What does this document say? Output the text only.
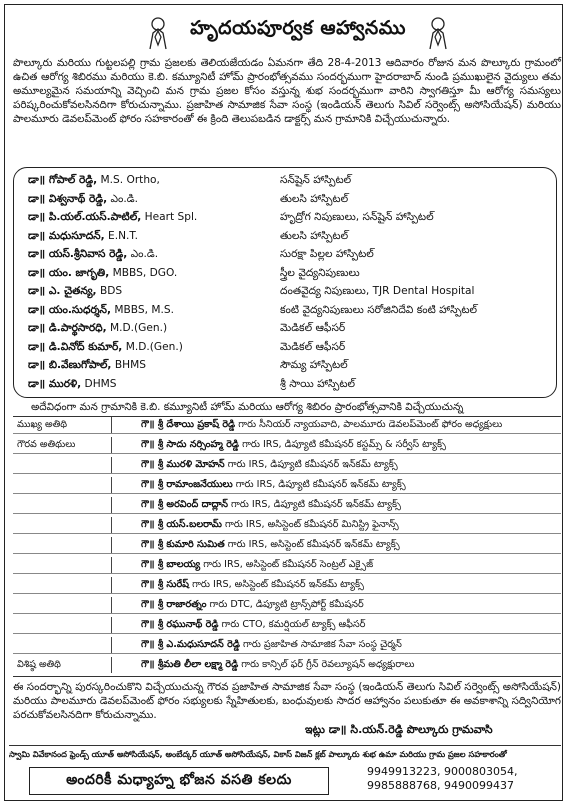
హృదయపూర్వక ఆహ్వానము
పొల్కూరు మరియు గుట్టలపల్లి గ్రామ ప్రజలకు తెలియజేయడం ఏమనగా తేది 28-4-2013 ఆదివారం రోజున మన పొల్కూరు గ్రామంలో ఉచిత ఆరోగ్య శిబిరము మరియు కె.బి. కమ్యూనిటీ హోమ్ ప్రారంభోత్సవము సందర్భముగా హైదరాబాద్ నుండి ప్రముఖులైన వైద్యులు తమ అమూల్యమైన సమయాన్ని వెచ్చించి మన గ్రామ ప్రజల కోసం వస్తున్న శుభ సందర్భముగా వారిని స్వాగతిస్తూ మీ ఆరోగ్య సమస్యలు పరిష్కరించుకోవలసినదిగా కోరుచున్నాము. ప్రజాహిత సామాజిక సేవా సంస్థ (ఇండియన్ తెలుగు సివిల్ సర్వెంట్స్ అసోసియేషన్) మరియు పాలమూరు డెవలప్‌మెంట్ ఫోరం సహకారంతో ఈ క్రింది తెలుపబడిన డాక్టర్స్ మన గ్రామానికి విచ్చేయుచున్నారు.
డా॥ గోపాల్ రెడ్డి, M.S. Ortho,	సన్‌షైన్ హాస్పిటల్
డా॥ విశ్వనాథ్ రెడ్డి, ఎం.డి.	తులసి హాస్పిటల్
డా॥ పి.యల్.యస్.పాటిల్, Heart Spl.	హృద్రోగ నిపుణులు, సన్‌షైన్ హాస్పిటల్
డా॥ మధుసూదన్, E.N.T.	తులసి హాస్పిటల్
డా॥ యస్.శ్రీనివాస రెడ్డి, ఎం.డి.	సురక్షా పిల్లల హాస్పిటల్
డా॥ యం. జాగృతి, MBBS, DGO.	స్త్రీల వైద్యనిపుణులు
డా॥ ఎ. చైతన్య, BDS	దంతవైద్య నిపుణులు, TJR Dental Hospital
డా॥ యం.సుధర్శన్, MBBS, M.S.	కంటి వైద్యనిపుణులు సరోజినిదేవి కంటి హాస్పిటల్
డా॥ డి.పార్థసారధి, M.D.(Gen.)	మెడికల్ ఆఫీసర్
డా॥ డి.వినోద్ కుమార్, M.D.(Gen.)	మెడికల్ ఆఫీసర్
డా॥ బి.వేణుగోపాల్, BHMS	సౌమ్య హాస్పిటల్
డా॥ మురళి, DHMS	శ్రీ సాయి హాస్పిటల్
అదేవిధంగా మన గ్రామానికి కె.బి. కమ్యూనిటీ హోమ్ మరియు ఆరోగ్య శిబిరం ప్రారంభోత్సవానికి విచ్చేయుచున్న
ముఖ్య అతిథి	గౌ॥ శ్రీ దేశాయి ప్రకాష్ రెడ్డి గారు సీనియర్ న్యాయవాది, పాలమూరు డెవలప్‌మెంట్ ఫోరం అధ్యక్షులు
గౌరవ అతిథులు	గౌ॥ శ్రీ సాదు నర్సింహ్మ రెడ్డి గారు IRS, డిప్యూటి కమీషనర్ కస్టమ్స్ & సర్వీస్ ట్యాక్స్
గౌ॥ శ్రీ మురళి మోహన్ గారు IRS, డిప్యూటి కమీషనర్ ఇన్‌కమ్ ట్యాక్స్
గౌ॥ శ్రీ రామాంజనేయులు గారు IRS, డిప్యూటి కమీషనర్ ఇన్‌కమ్ ట్యాక్స్
గౌ॥ శ్రీ అరవింద్ దాద్లాన్ గారు IRS, డిప్యూటి కమీషనర్ ఇన్‌కమ్ ట్యాక్స్
గౌ॥ శ్రీ యస్.బలరామ్ గారు IRS, అసిస్టెంట్ కమీషనర్ మినిస్ట్రి ఫైనాన్స్
గౌ॥ శ్రీ కుమారి సుమిత గారు IRS, అసిస్టెంట్ కమీషనర్ ఇన్‌కమ్ ట్యాక్స్
గౌ॥ శ్రీ బాలయ్య గారు IRS, అసిస్టెంట్ కమీషనర్ సెంట్రల్ ఎక్సైజ్
గౌ॥ శ్రీ సురేష్ గారు IRS, అసిస్టెంట్ కమీషనర్ ఇన్‌కమ్ ట్యాక్స్
గౌ॥ శ్రీ రాజారత్నం గారు DTC, డిప్యూటి ట్రాన్స్‌పోర్ట్ కమీషనర్
గౌ॥ శ్రీ రఘునాథ్ రెడ్డి గారు CTO, కమర్షియల్ ట్యాక్స్ ఆఫీసర్
గౌ॥ శ్రీ ఎ.మధుసూదన్ రెడ్డి గారు ప్రజాహిత సామాజిక సేవా సంస్థ చైర్మన్
విశిష్ఠ అతిథి	గౌ॥ శ్రీమతి లీలా లక్ష్మా రెడ్డి గారు కాన్సిల్ ఫర్ గ్రీన్ రెవల్యూషన్ అధ్యక్షురాలు
ఈ సందర్భాన్ని పురస్కరించుకొని విచ్చేయుచున్న గౌరవ ప్రజాహిత సామాజిక సేవా సంస్థ (ఇండియన్ తెలుగు సివిల్ సర్వెంట్స్ అసోసియేషన్) మరియు పాలమూరు డెవలప్‌మెంట్ ఫోరం సభ్యులకు స్నేహితులకు, బంధువులకు సాదర ఆహ్వానం పలుకుతూ ఈ అవకాశాన్ని సద్వినియోగ పరచుకోవలసినదిగా కోరుచున్నాము.
ఇట్లు డా॥ సి.యన్.రెడ్డి పొల్కూరు గ్రామవాసి
స్వామి వివేకానంద ఫ్రెండ్స్ యూత్ అసోసియేషన్, అంబేద్కర్ యూత్ అసోసియేషన్, వికాస్ విజన్ క్లబ్ పాల్కూరు శుభ ఉమా మరియు గ్రామ ప్రజల సహకారంతో
అందరికీ మధ్యాహ్న భోజన వసతి కలదు	9949913223, 9000803054,
9985888768, 9490099437
